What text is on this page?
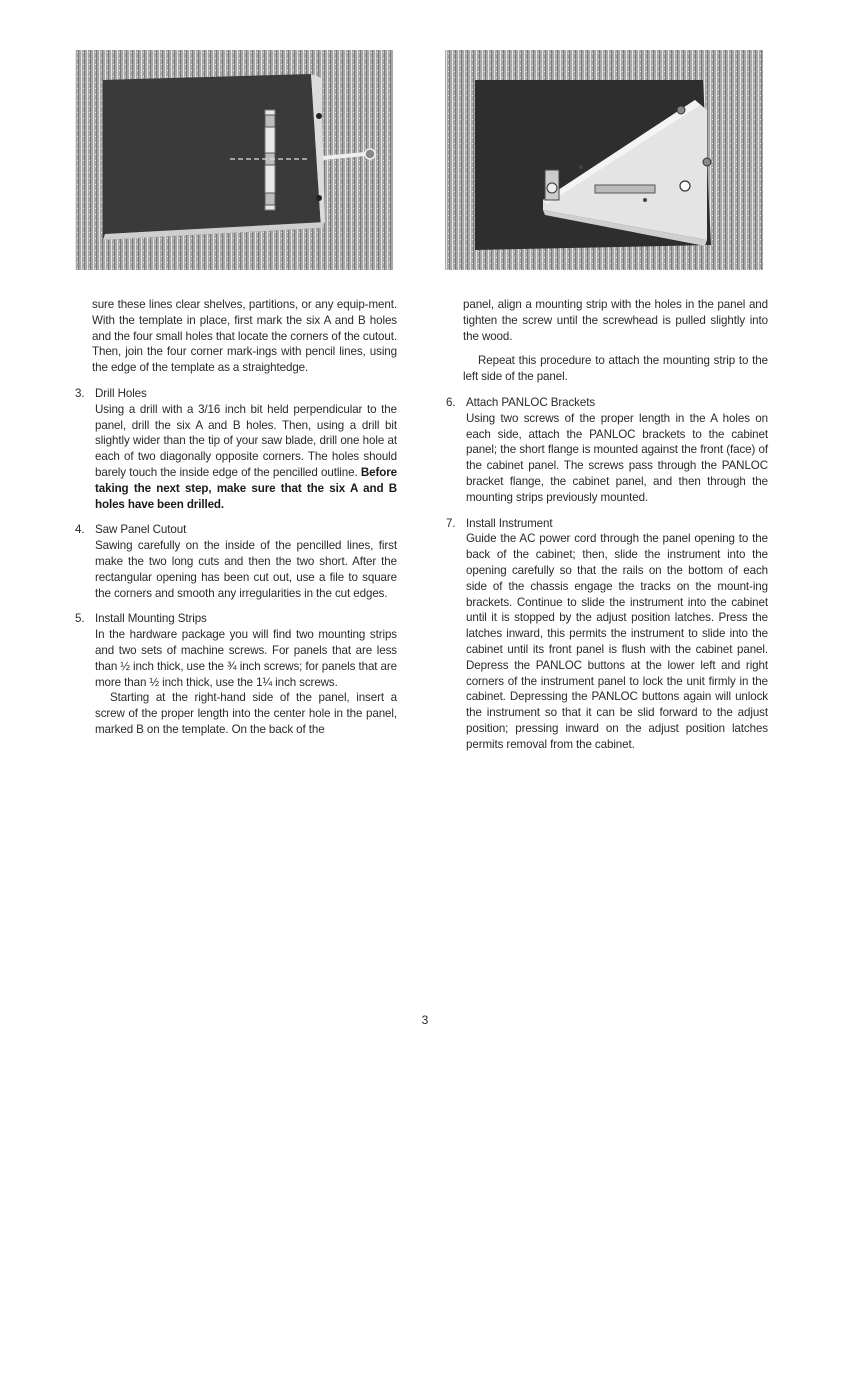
sure these lines clear shelves, partitions, or any equip-ment. With the template in place, first mark the six A and B holes and the four small holes that locate the corners of the cutout. Then, join the four corner mark-ings with pencil lines, using the edge of the template as a straightedge.

3. Drill Holes

Using a drill with a 3/16 inch bit held perpendicular to the panel, drill the six A and B holes. Then, using a drill bit slightly wider than the tip of your saw blade, drill one hole at each of two diagonally opposite corners. The holes should barely touch the inside edge of the pencilled outline. Before taking the next step, make sure that the six A and B holes have been drilled.

4. Saw Panel Cutout

Sawing carefully on the inside of the pencilled lines, first make the two long cuts and then the two short. After the rectangular opening has been cut out, use a file to square the corners and smooth any irregularities in the cut edges.

5. Install Mounting Strips

In the hardware package you will find two mounting strips and two sets of machine screws. For panels that are less than ½ inch thick, use the ¾ inch screws; for panels that are more than ½ inch thick, use the 1¼ inch screws.

Starting at the right-hand side of the panel, insert a screw of the proper length into the center hole in the panel, marked B on the template. On the back of the

panel, align a mounting strip with the holes in the panel and tighten the screw until the screwhead is pulled slightly into the wood.

Repeat this procedure to attach the mounting strip to the left side of the panel.

6. Attach PANLOC Brackets

Using two screws of the proper length in the A holes on each side, attach the PANLOC brackets to the cabinet panel; the short flange is mounted against the front (face) of the cabinet panel. The screws pass through the PANLOC bracket flange, the cabinet panel, and then through the mounting strips previously mounted.

7. Install Instrument

Guide the AC power cord through the panel opening to the back of the cabinet; then, slide the instrument into the opening carefully so that the rails on the bottom of each side of the chassis engage the tracks on the mount-ing brackets. Continue to slide the instrument into the cabinet until it is stopped by the adjust position latches. Press the latches inward, this permits the instrument to slide into the cabinet until its front panel is flush with the cabinet panel. Depress the PANLOC buttons at the lower left and right corners of the instrument panel to lock the unit firmly in the cabinet. Depressing the PANLOC buttons again will unlock the instrument so that it can be slid forward to the adjust position; pressing inward on the adjust position latches permits removal from the cabinet.

3
